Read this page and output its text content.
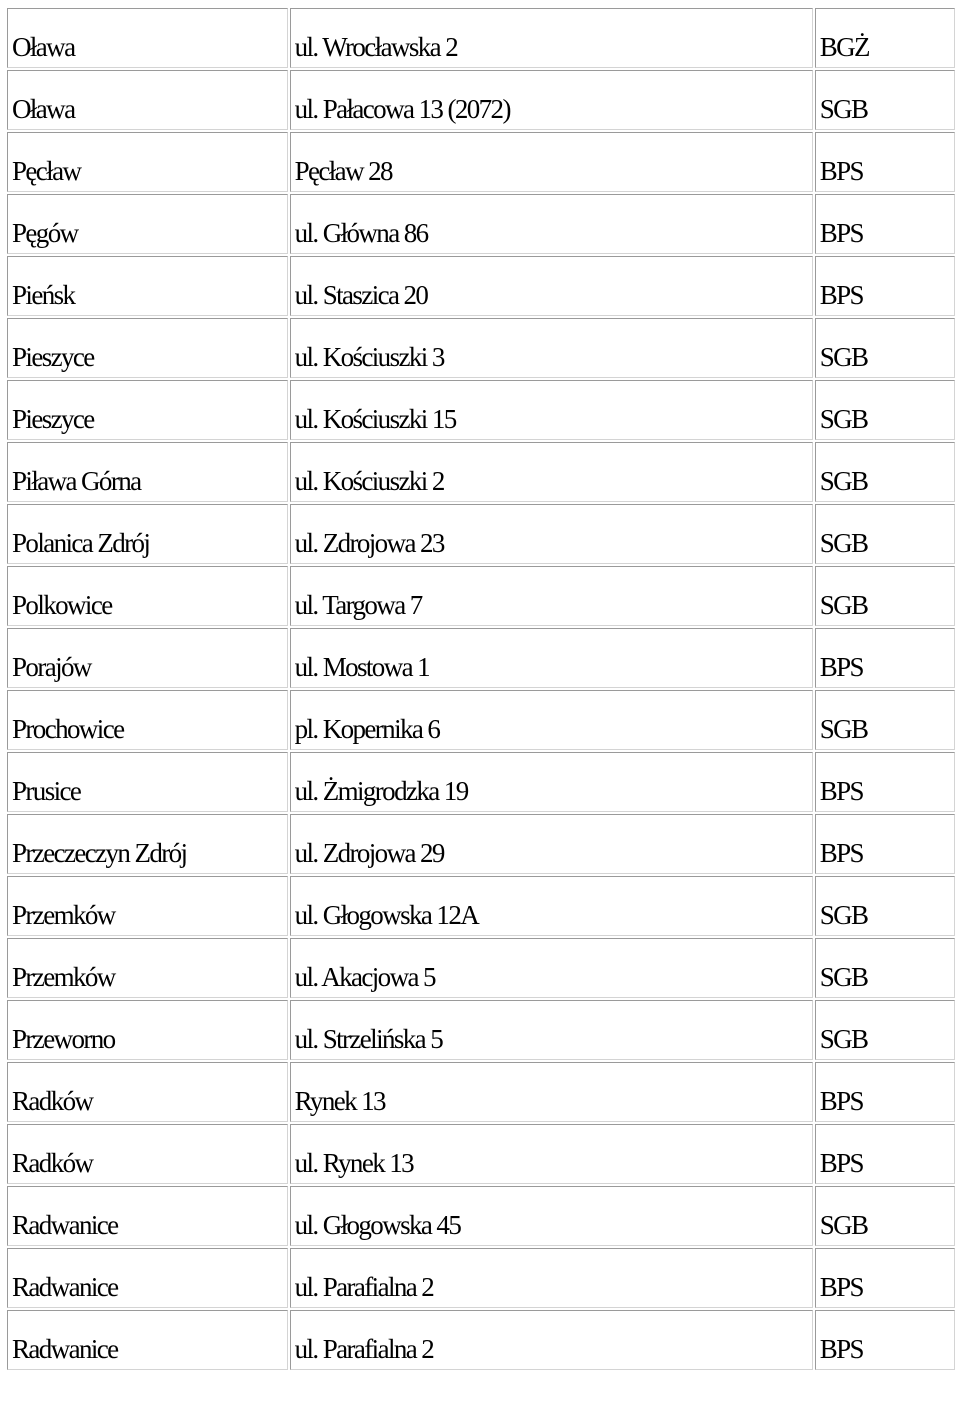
Oława	ul. Wrocławska 2	BGŻ
Oława	ul. Pałacowa 13 (2072)	SGB
Pęcław	Pęcław 28	BPS
Pęgów	ul. Główna 86	BPS
Pieńsk	ul. Staszica 20	BPS
Pieszyce	ul. Kościuszki 3	SGB
Pieszyce	ul. Kościuszki 15	SGB
Piława Górna	ul. Kościuszki 2	SGB
Polanica Zdrój	ul. Zdrojowa 23	SGB
Polkowice	ul. Targowa 7	SGB
Porajów	ul. Mostowa 1	BPS
Prochowice	pl. Kopernika 6	SGB
Prusice	ul. Żmigrodzka 19	BPS
Przeczeczyn Zdrój	ul. Zdrojowa 29	BPS
Przemków	ul. Głogowska 12A	SGB
Przemków	ul. Akacjowa 5	SGB
Przeworno	ul. Strzelińska 5	SGB
Radków	Rynek 13	BPS
Radków	ul. Rynek 13	BPS
Radwanice	ul. Głogowska 45	SGB
Radwanice	ul. Parafialna 2	BPS
Radwanice	ul. Parafialna 2	BPS
